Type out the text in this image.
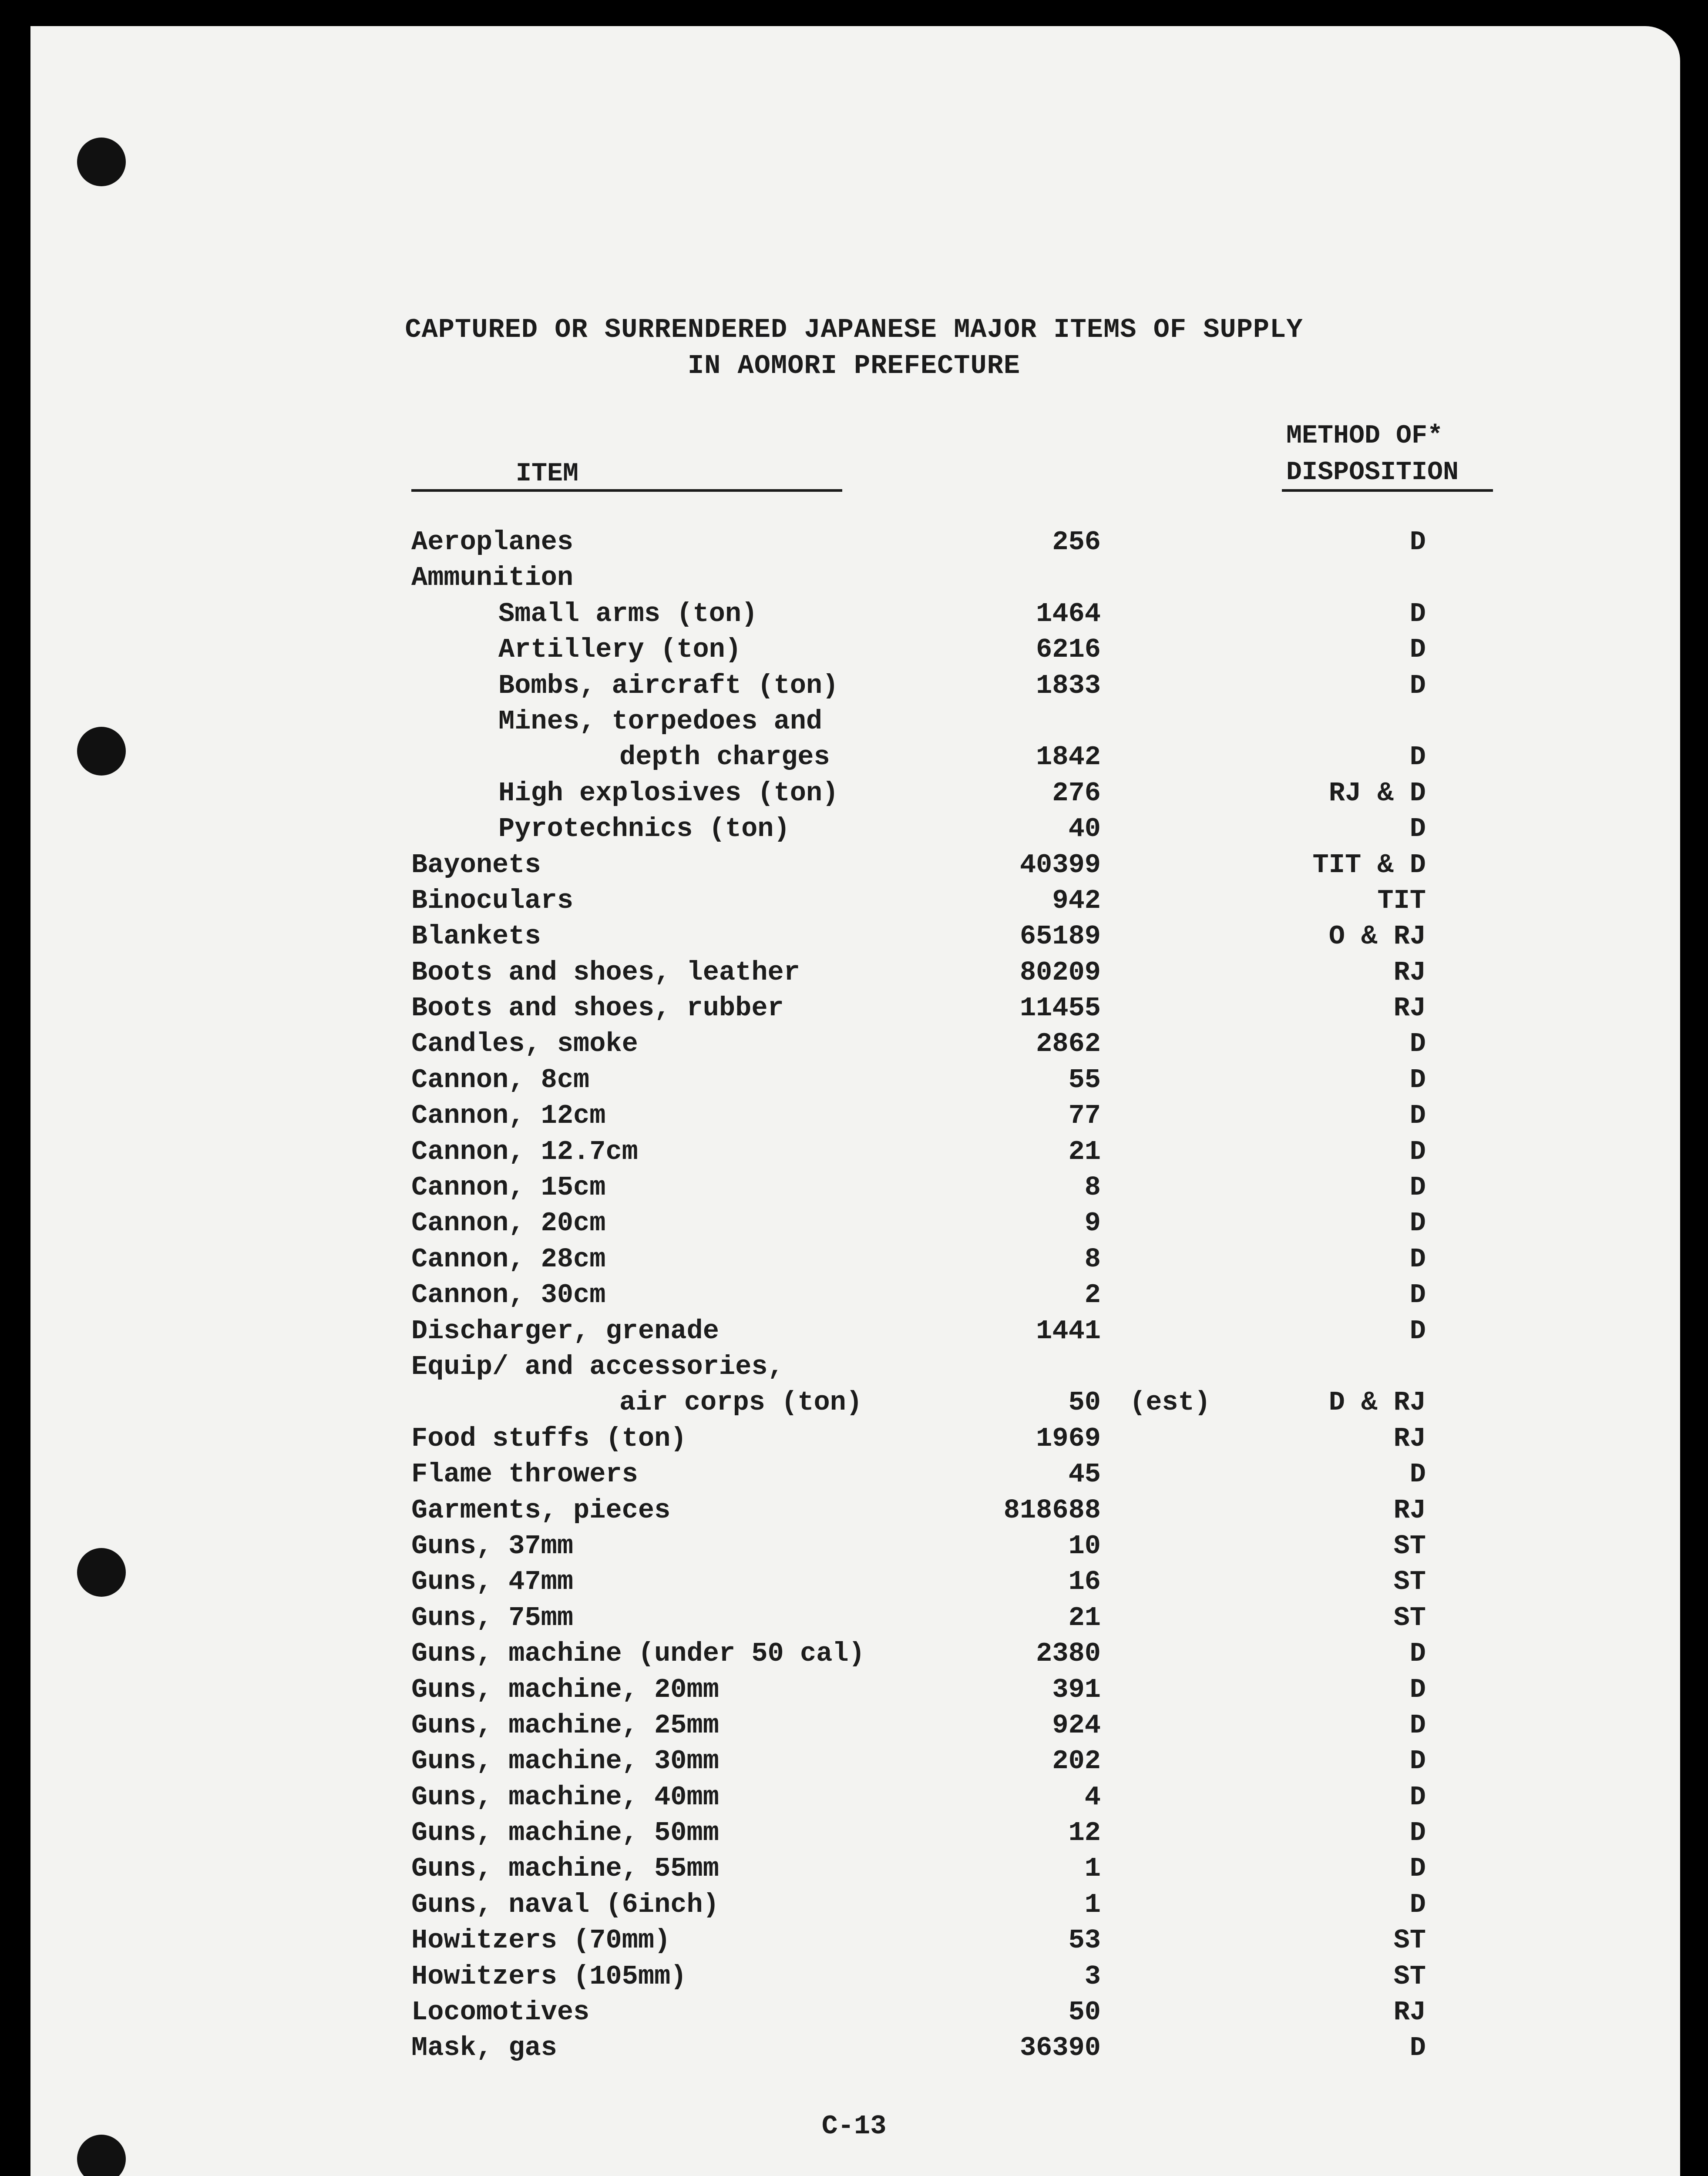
CAPTURED OR SURRENDERED JAPANESE MAJOR ITEMS OF SUPPLY
IN AOMORI PREFECTURE
ITEM
METHOD OF*
DISPOSITION
Aeroplanes	256	D
Ammunition
Small arms (ton)	1464	D
Artillery (ton)	6216	D
Bombs, aircraft (ton)	1833	D
Mines, torpedoes and
depth charges	1842	D
High explosives (ton)	276	RJ & D
Pyrotechnics (ton)	40	D
Bayonets	40399	TIT & D
Binoculars	942	TIT
Blankets	65189	O & RJ
Boots and shoes, leather	80209	RJ
Boots and shoes, rubber	11455	RJ
Candles, smoke	2862	D
Cannon, 8cm	55	D
Cannon, 12cm	77	D
Cannon, 12.7cm	21	D
Cannon, 15cm	8	D
Cannon, 20cm	9	D
Cannon, 28cm	8	D
Cannon, 30cm	2	D
Discharger, grenade	1441	D
Equip/ and accessories,
air corps (ton)	50 (est)	D & RJ
Food stuffs (ton)	1969	RJ
Flame throwers	45	D
Garments, pieces	818688	RJ
Guns, 37mm	10	ST
Guns, 47mm	16	ST
Guns, 75mm	21	ST
Guns, machine (under 50 cal)	2380	D
Guns, machine, 20mm	391	D
Guns, machine, 25mm	924	D
Guns, machine, 30mm	202	D
Guns, machine, 40mm	4	D
Guns, machine, 50mm	12	D
Guns, machine, 55mm	1	D
Guns, naval (6inch)	1	D
Howitzers (70mm)	53	ST
Howitzers (105mm)	3	ST
Locomotives	50	RJ
Mask, gas	36390	D
C-13
